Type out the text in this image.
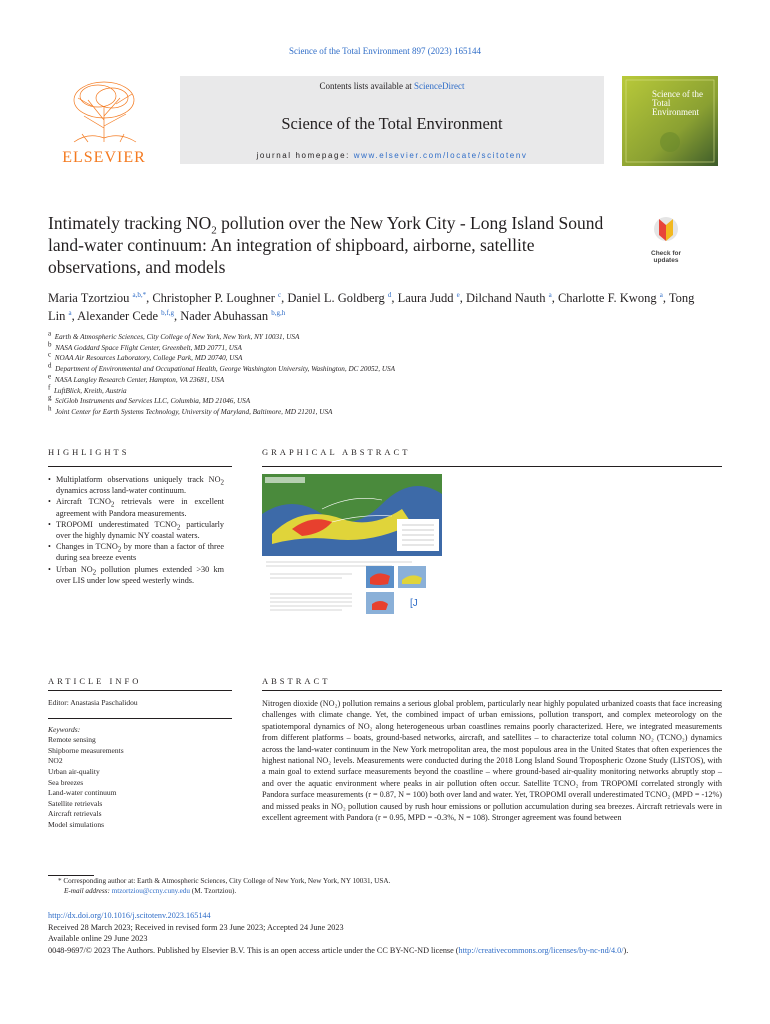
Science of the Total Environment 897 (2023) 165144
ELSEVIER
Contents lists available at ScienceDirect
Science of the Total Environment
journal homepage: www.elsevier.com/locate/scitotenv
Science of the
Total Environment
Intimately tracking $NO_2$ pollution over the New York City - Long Island Sound land-water continuum: An integration of shipboard, airborne, satellite observations, and models
Check for
updates
Maria Tzortziou $^{a,b,*}$, Christopher P. Loughner $^c$, Daniel L. Goldberg $^d$, Laura Judd $^e$, Dilchand Nauth $^a$, Charlotte F. Kwong $^a$, Tong Lin $^a$, Alexander Cede $^{b,f,g}$, Nader Abuhassan $^{b,g,h}$
a Earth & Atmospheric Sciences, City College of New York, New York, NY 10031, USA
b NASA Goddard Space Flight Center, Greenbelt, MD 20771, USA
c NOAA Air Resources Laboratory, College Park, MD 20740, USA
d Department of Environmental and Occupational Health, George Washington University, Washington, DC 20052, USA
e NASA Langley Research Center, Hampton, VA 23681, USA
f LuftBlick, Kreith, Austria
g SciGlob Instruments and Services LLC, Columbia, MD 21046, USA
h Joint Center for Earth Systems Technology, University of Maryland, Baltimore, MD 21201, USA
HIGHLIGHTS	GRAPHICAL ABSTRACT
• Multiplatform observations uniquely track NO2 dynamics across land-water continuum.
• Aircraft TCNO2 retrievals were in excellent agreement with Pandora measurements.
• TROPOMI underestimated TCNO2 particularly over the highly dynamic NY coastal waters.
• Changes in TCNO2 by more than a factor of three during sea breeze events
• Urban NO2 pollution plumes extended >30 km over LIS under low speed westerly winds.
[J
ARTICLE INFO	ABSTRACT
Editor: Anastasia Paschalidou
Keywords:
Remote sensing
Shipborne measurements
NO2
Urban air-quality
Sea breezes
Land-water continuum
Satellite retrievals
Aircraft retrievals
Model simulations
Nitrogen dioxide (NO₂) pollution remains a serious global problem, particularly near highly populated urbanized coasts that face increasing challenges with climate change. Yet, the combined impact of urban emissions, pollution transport, and complex meteorology on the spatiotemporal dynamics of NO₂ along heterogeneous urban coastlines remains poorly characterized. Here, we integrated measurements from different platforms – boats, ground-based networks, aircraft, and satellites – to characterize total column NO₂ (TCNO₂) dynamics across the land-water continuum in the New York metropolitan area, the most populous area in the United States that often experiences the highest national NO₂ levels. Measurements were conducted during the 2018 Long Island Sound Tropospheric Ozone Study (LISTOS), with a main goal to extend surface measurements beyond the coastline – where ground-based air-quality monitoring networks abruptly stop – and over the aquatic environment where peaks in air pollution often occur. Satellite TCNO₂ from TROPOMI correlated strongly with Pandora surface measurements (r = 0.87, N = 100) both over land and water. Yet, TROPOMI overall underestimated TCNO₂ (MPD = -12%) and missed peaks in NO₂ pollution caused by rush hour emissions or pollution accumulation during sea breezes. Aircraft retrievals were in excellent agreement with Pandora (r = 0.95, MPD = -0.3%, N = 108). Stronger agreement was found between
* Corresponding author at: Earth & Atmospheric Sciences, City College of New York, New York, NY 10031, USA.
E-mail address: mtzortziou@ccny.cuny.edu (M. Tzortziou).
http://dx.doi.org/10.1016/j.scitotenv.2023.165144
Received 28 March 2023; Received in revised form 23 June 2023; Accepted 24 June 2023
Available online 29 June 2023
0048-9697/© 2023 The Authors. Published by Elsevier B.V. This is an open access article under the CC BY-NC-ND license (http://creativecommons.org/licenses/by-nc-nd/4.0/).
